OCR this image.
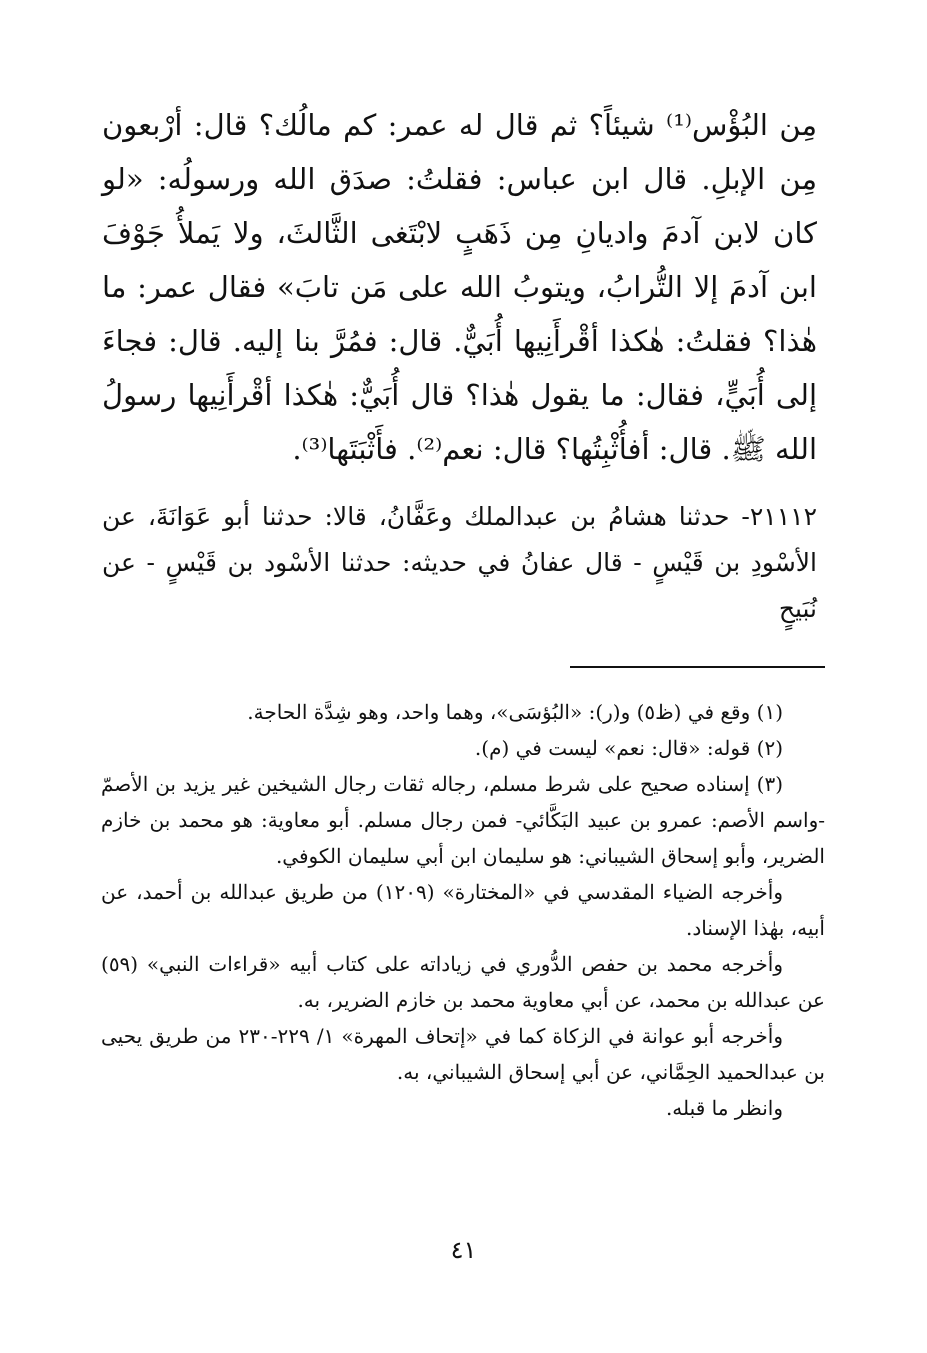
مِن البُؤْس⁽¹⁾ شيئاً؟ ثم قال له عمر: كم مالُك؟ قال: أرْبعون مِن الإبلِ. قال ابن عباس: فقلتُ: صدَق الله ورسولُه: «لو كان لابن آدمَ واديانِ مِن ذَهَبٍ لابْتَغى الثَّالثَ، ولا يَملأُ جَوْفَ ابن آدمَ إلا التُّرابُ، ويتوبُ الله على مَن تابَ» فقال عمر: ما هٰذا؟ فقلتُ: هٰكذا أقْرأَنِيها أُبَيٌّ. قال: فمُرَّ بنا إليه. قال: فجاءَ إلى أُبَيٍّ، فقال: ما يقول هٰذا؟ قال أُبَيٌّ: هٰكذا أقْرأَنِيها رسولُ الله ﷺ. قال: أفأُثْبِتُها؟ قال: نعم⁽²⁾. فأَثْبَتَها⁽³⁾.

٢١١١٢- حدثنا هشامُ بن عبدالملك وعَفَّانُ، قالا: حدثنا أبو عَوَانَةَ، عن الأسْودِ بن قَيْسٍ - قال عفانُ في حديثه: حدثنا الأسْود بن قَيْسٍ - عن نُبَيحٍ

(١) وقع في (ظ٥) و(ر): «البُؤسَى»، وهما واحد، وهو شِدَّة الحاجة.

(٢) قوله: «قال: نعم» ليست في (م).

(٣) إسناده صحيح على شرط مسلم، رجاله ثقات رجال الشيخين غير يزيد بن الأصمّ -واسم الأصم: عمرو بن عبيد البَكَّائي- فمن رجال مسلم. أبو معاوية: هو محمد بن خازم الضرير، وأبو إسحاق الشيباني: هو سليمان ابن أبي سليمان الكوفي.

وأخرجه الضياء المقدسي في «المختارة» (١٢٠٩) من طريق عبدالله بن أحمد، عن أبيه، بهٰذا الإسناد.

وأخرجه محمد بن حفص الدُّوري في زياداته على كتاب أبيه «قراءات النبي» (٥٩) عن عبدالله بن محمد، عن أبي معاوية محمد بن خازم الضرير، به.

وأخرجه أبو عوانة في الزكاة كما في «إتحاف المهرة» ١/ ٢٢٩-٢٣٠ من طريق يحيى بن عبدالحميد الحِمَّاني، عن أبي إسحاق الشيباني، به.

وانظر ما قبله.

٤١
